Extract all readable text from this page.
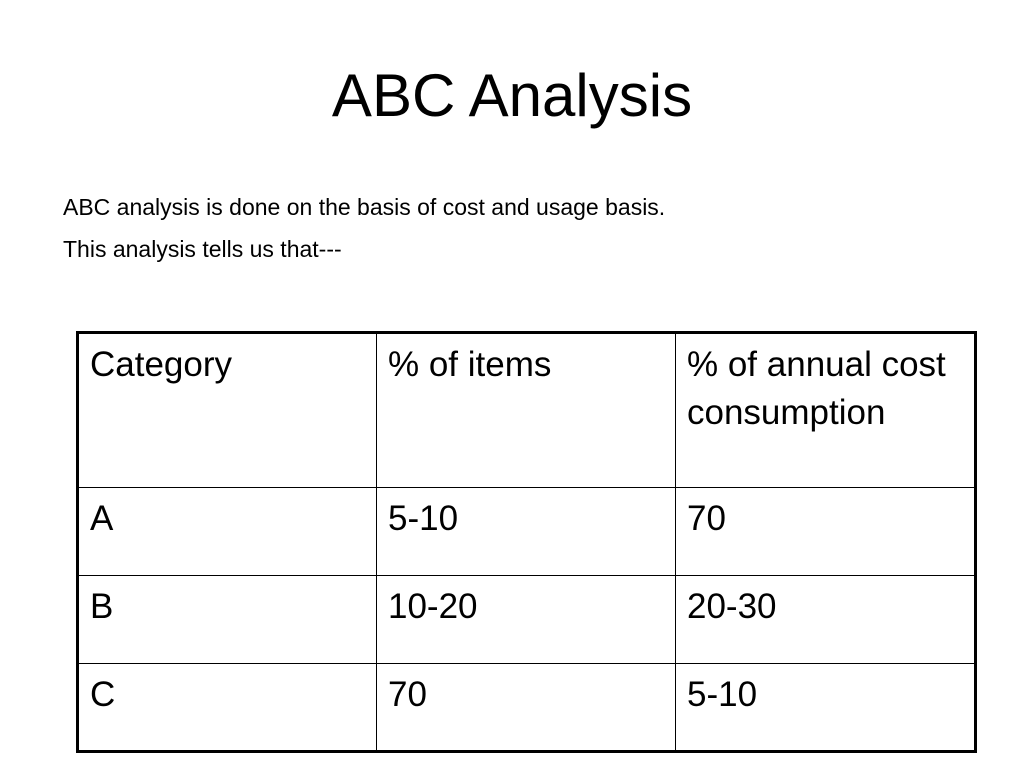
ABC Analysis
ABC analysis is done on the basis of cost and usage basis.
This analysis tells us that---
Category	% of items	% of annual cost consumption
A	5-10	70
B	10-20	20-30
C	70	5-10
